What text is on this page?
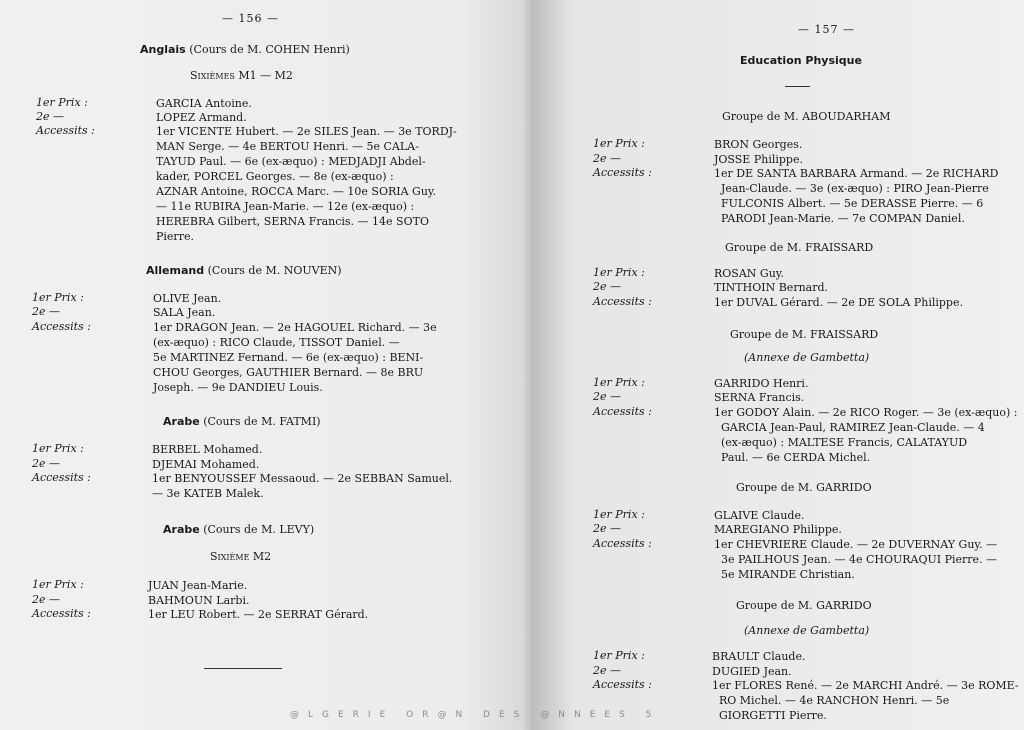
— 156 —
Anglais (Cours de M. COHEN Henri)
Sixièmes M1 — M2
1er Prix :	GARCIA Antoine.
2e —	LOPEZ Armand.
Accessits :	1er VICENTE Hubert. — 2e SILES Jean. — 3e TORDJ-
MAN Serge. — 4e BERTOU Henri. — 5e CALA-
TAYUD Paul. — 6e (ex-æquo) : MEDJADJI Abdel-
kader, PORCEL Georges. — 8e (ex-æquo) :
AZNAR Antoine, ROCCA Marc. — 10e SORIA Guy.
— 11e RUBIRA Jean-Marie. — 12e (ex-æquo) :
HEREBRA Gilbert, SERNA Francis. — 14e SOTO
Pierre.
Allemand (Cours de M. NOUVEN)
1er Prix :	OLIVE Jean.
2e —	SALA Jean.
Accessits :	1er DRAGON Jean. — 2e HAGOUEL Richard. — 3e
(ex-æquo) : RICO Claude, TISSOT Daniel. —
5e MARTINEZ Fernand. — 6e (ex-æquo) : BENI-
CHOU Georges, GAUTHIER Bernard. — 8e BRU
Joseph. — 9e DANDIEU Louis.
Arabe (Cours de M. FATMI)
1er Prix :	BERBEL Mohamed.
2e —	DJEMAI Mohamed.
Accessits :	1er BENYOUSSEF Messaoud. — 2e SEBBAN Samuel.
— 3e KATEB Malek.
Arabe (Cours de M. LEVY)
Sixième M2
1er Prix :	JUAN Jean-Marie.
2e —	BAHMOUN Larbi.
Accessits :	1er LEU Robert. — 2e SERRAT Gérard.
— 157 —
Education Physique
Groupe de M. ABOUDARHAM
1er Prix :	BRON Georges.
2e —	JOSSE Philippe.
Accessits :	1er DE SANTA BARBARA Armand. — 2e RICHARD
Jean-Claude. — 3e (ex-æquo) : PIRO Jean-Pierre
FULCONIS Albert. — 5e DERASSE Pierre. — 6
PARODI Jean-Marie. — 7e COMPAN Daniel.
Groupe de M. FRAISSARD
1er Prix :	ROSAN Guy.
2e —	TINTHOIN Bernard.
Accessits :	1er DUVAL Gérard. — 2e DE SOLA Philippe.
Groupe de M. FRAISSARD
(Annexe de Gambetta)
1er Prix :	GARRIDO Henri.
2e —	SERNA Francis.
Accessits :	1er GODOY Alain. — 2e RICO Roger. — 3e (ex-æquo) :
GARCIA Jean-Paul, RAMIREZ Jean-Claude. — 4
(ex-æquo) : MALTESE Francis, CALATAYUD
Paul. — 6e CERDA Michel.
Groupe de M. GARRIDO
1er Prix :	GLAIVE Claude.
2e —	MAREGIANO Philippe.
Accessits :	1er CHEVRIERE Claude. — 2e DUVERNAY Guy. —
3e PAILHOUS Jean. — 4e CHOURAQUI Pierre. —
5e MIRANDE Christian.
Groupe de M. GARRIDO
(Annexe de Gambetta)
1er Prix :	BRAULT Claude.
2e —	DUGIED Jean.
Accessits :	1er FLORES René. — 2e MARCHI André. — 3e ROME-
RO Michel. — 4e RANCHON Henri. — 5e
GIORGETTI Pierre.
@LGERIE OR@N DES @NNEES 5
